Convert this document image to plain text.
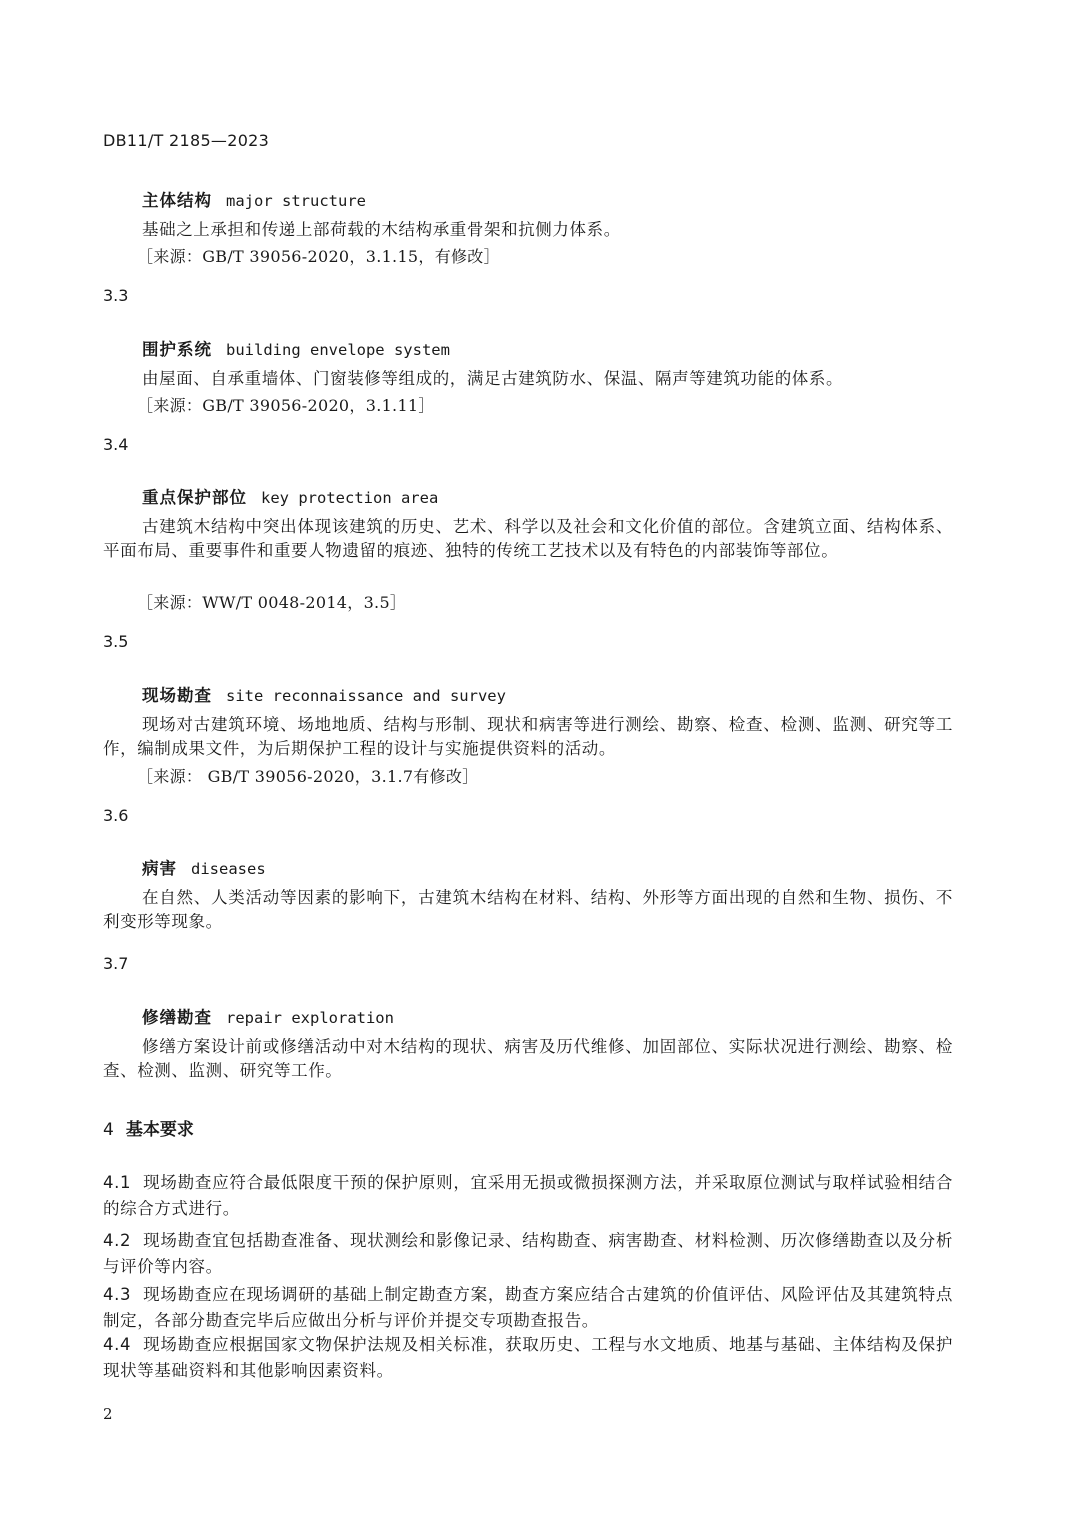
DB11/T 2185—2023
主体结构 major structure
基础之上承担和传递上部荷载的木结构承重骨架和抗侧力体系。
［来源：GB/T 39056-2020，3.1.15，有修改］
3.3
围护系统 building envelope system
由屋面、自承重墙体、门窗装修等组成的，满足古建筑防水、保温、隔声等建筑功能的体系。
［来源：GB/T 39056-2020，3.1.11］
3.4
重点保护部位 key protection area
古建筑木结构中突出体现该建筑的历史、艺术、科学以及社会和文化价值的部位。含建筑立面、结构体系、平面布局、重要事件和重要人物遗留的痕迹、独特的传统工艺技术以及有特色的内部装饰等部位。
［来源：WW/T 0048-2014，3.5］
3.5
现场勘查 site reconnaissance and survey
现场对古建筑环境、场地地质、结构与形制、现状和病害等进行测绘、勘察、检查、检测、监测、研究等工作，编制成果文件，为后期保护工程的设计与实施提供资料的活动。
［来源： GB/T 39056-2020，3.1.7有修改］
3.6
病害 diseases
在自然、人类活动等因素的影响下，古建筑木结构在材料、结构、外形等方面出现的自然和生物、损伤、不利变形等现象。
3.7
修缮勘查 repair exploration
修缮方案设计前或修缮活动中对木结构的现状、病害及历代维修、加固部位、实际状况进行测绘、勘察、检查、检测、监测、研究等工作。
4 基本要求
4.1 现场勘查应符合最低限度干预的保护原则，宜采用无损或微损探测方法，并采取原位测试与取样试验相结合的综合方式进行。
4.2 现场勘查宜包括勘查准备、现状测绘和影像记录、结构勘查、病害勘查、材料检测、历次修缮勘查以及分析与评价等内容。
4.3 现场勘查应在现场调研的基础上制定勘查方案，勘查方案应结合古建筑的价值评估、风险评估及其建筑特点制定，各部分勘查完毕后应做出分析与评价并提交专项勘查报告。
4.4 现场勘查应根据国家文物保护法规及相关标准，获取历史、工程与水文地质、地基与基础、主体结构及保护现状等基础资料和其他影响因素资料。
2
